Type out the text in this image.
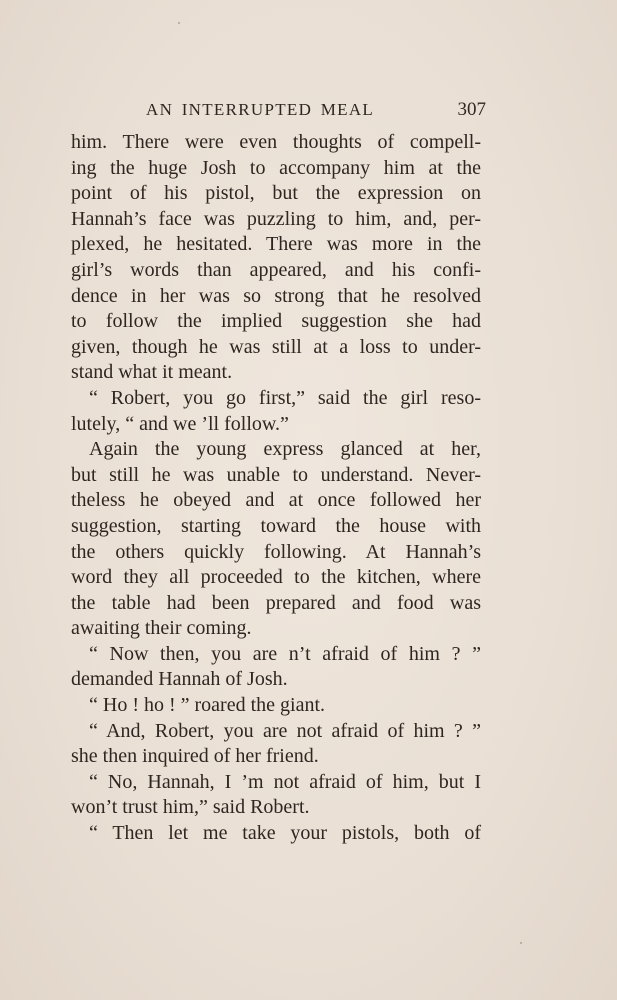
AN INTERRUPTED MEAL	307
him. There were even thoughts of compell-
ing the huge Josh to accompany him at the
point of his pistol, but the expression on
Hannah’s face was puzzling to him, and, per-
plexed, he hesitated. There was more in the
girl’s words than appeared, and his confi-
dence in her was so strong that he resolved
to follow the implied suggestion she had
given, though he was still at a loss to under-
stand what it meant.
“ Robert, you go first,” said the girl reso-
lutely, “ and we ’ll follow.”
Again the young express glanced at her,
but still he was unable to understand. Never-
theless he obeyed and at once followed her
suggestion, starting toward the house with
the others quickly following. At Hannah’s
word they all proceeded to the kitchen, where
the table had been prepared and food was
awaiting their coming.
“ Now then, you are n’t afraid of him ? ”
demanded Hannah of Josh.
“ Ho ! ho ! ” roared the giant.
“ And, Robert, you are not afraid of him ? ”
she then inquired of her friend.
“ No, Hannah, I ’m not afraid of him, but I
won’t trust him,” said Robert.
“ Then let me take your pistols, both of
